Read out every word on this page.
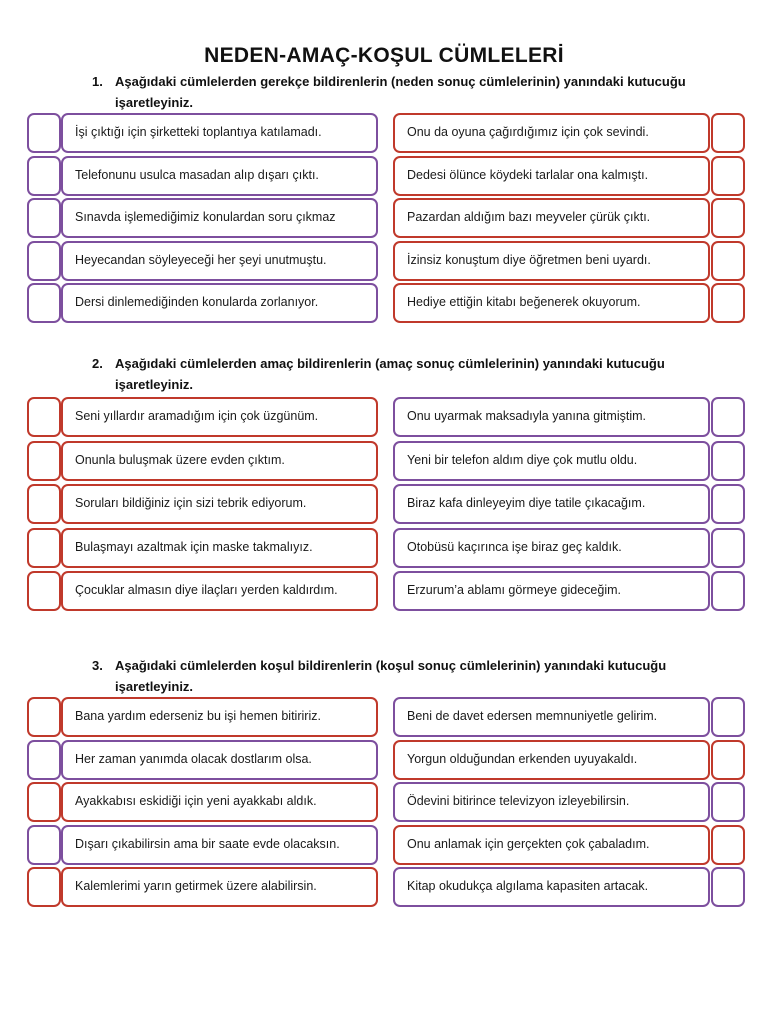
NEDEN-AMAÇ-KOŞUL CÜMLELERİ
1. Aşağıdaki cümlelerden gerekçe bildirenlerin (neden sonuç cümlelerinin) yanındaki kutucuğu işaretleyiniz.
İşi çıktığı için şirketteki toplantıya katılamadı.	Onu da oyuna çağırdığımız için çok sevindi.
Telefonunu usulca masadan alıp dışarı çıktı.	Dedesi ölünce köydeki tarlalar ona kalmıştı.
Sınavda işlemediğimiz konulardan soru çıkmaz	Pazardan aldığım bazı meyveler çürük çıktı.
Heyecandan söyleyeceği her şeyi unutmuştu.	İzinsiz konuştum diye öğretmen beni uyardı.
Dersi dinlemediğinden konularda zorlanıyor.	Hediye ettiğin kitabı beğenerek okuyorum.
2. Aşağıdaki cümlelerden amaç bildirenlerin (amaç sonuç cümlelerinin) yanındaki kutucuğu işaretleyiniz.
Seni yıllardır aramadığım için çok üzgünüm.	Onu uyarmak maksadıyla yanına gitmiştim.
Onunla buluşmak üzere evden çıktım.	Yeni bir telefon aldım diye çok mutlu oldu.
Soruları bildiğiniz için sizi tebrik ediyorum.	Biraz kafa dinleyeyim diye tatile çıkacağım.
Bulaşmayı azaltmak için maske takmalıyız.	Otobüsü kaçırınca işe biraz geç kaldık.
Çocuklar almasın diye ilaçları yerden kaldırdım.	Erzurum’a ablamı görmeye gideceğim.
3. Aşağıdaki cümlelerden koşul bildirenlerin (koşul sonuç cümlelerinin) yanındaki kutucuğu işaretleyiniz.
Bana yardım ederseniz bu işi hemen bitiririz.	Beni de davet edersen memnuniyetle gelirim.
Her zaman yanımda olacak dostlarım olsa.	Yorgun olduğundan erkenden uyuyakaldı.
Ayakkabısı eskidiği için yeni ayakkabı aldık.	Ödevini bitirince televizyon izleyebilirsin.
Dışarı çıkabilirsin ama bir saate evde olacaksın.	Onu anlamak için gerçekten çok çabaladım.
Kalemlerimi yarın getirmek üzere alabilirsin.	Kitap okudukça algılama kapasiten artacak.
